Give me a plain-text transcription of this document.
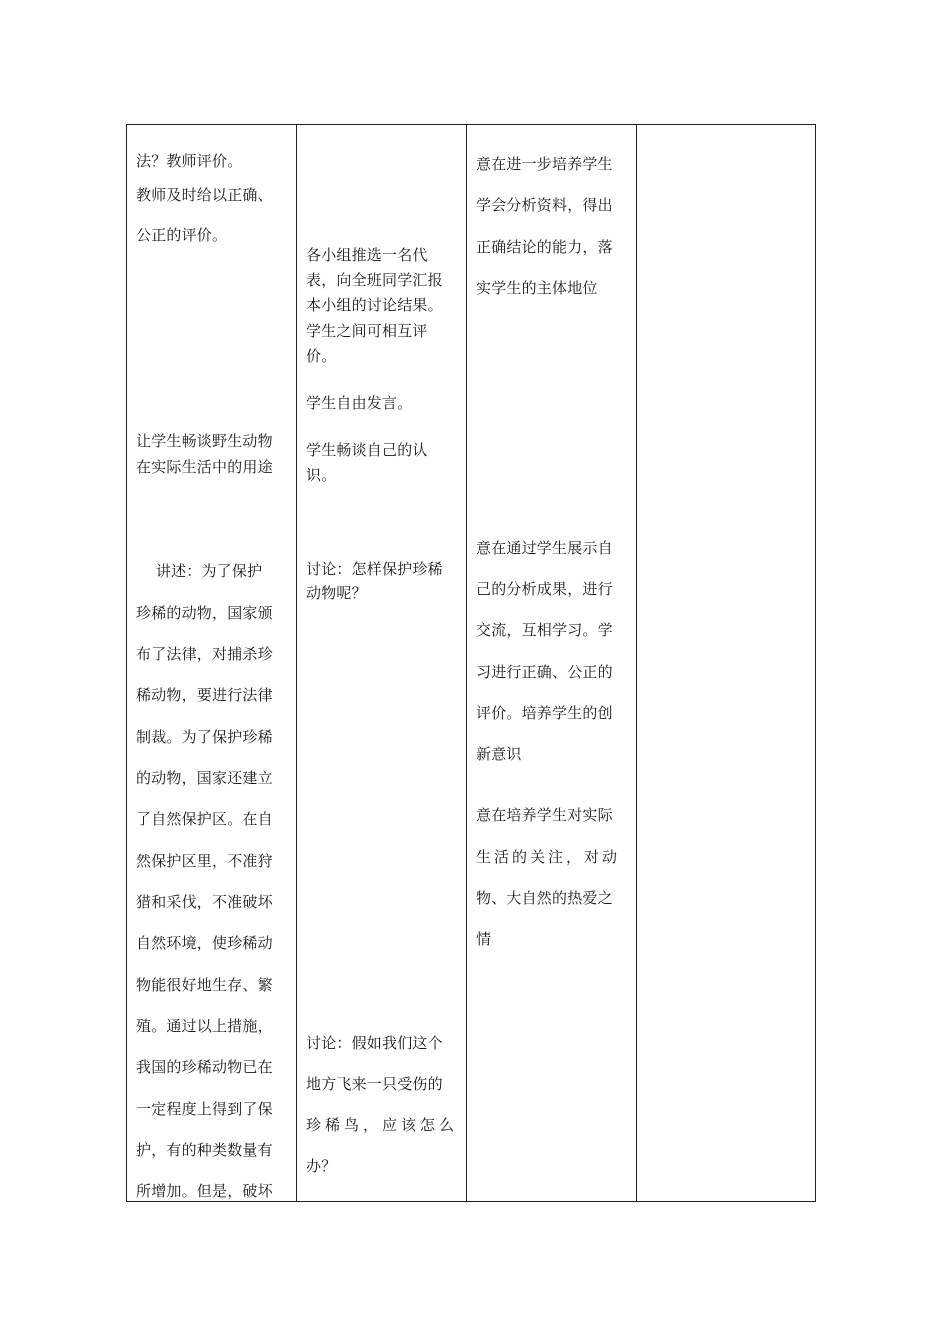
法？教师评价。
教师及时给以正确、
公正的评价。
让学生畅谈野生动物
在实际生活中的用途
讲述：为了保护
珍稀的动物，国家颁
布了法律，对捕杀珍
稀动物，要进行法律
制裁。为了保护珍稀
的动物，国家还建立
了自然保护区。在自
然保护区里，不准狩
猎和采伐，不准破坏
自然环境，使珍稀动
物能很好地生存、繁
殖。通过以上措施，
我国的珍稀动物已在
一定程度上得到了保
护，有的种类数量有
所增加。但是，破坏
各小组推选一名代
表，向全班同学汇报
本小组的讨论结果。
学生之间可相互评
价。
学生自由发言。
学生畅谈自己的认
识。
讨论：怎样保护珍稀
动物呢？
讨论：假如我们这个
地方飞来一只受伤的
珍稀鸟，应该怎么
办？
意在进一步培养学生
学会分析资料，得出
正确结论的能力，落
实学生的主体地位
意在通过学生展示自
己的分析成果，进行
交流，互相学习。学
习进行正确、公正的
评价。培养学生的创
新意识
意在培养学生对实际
生活的关注，对动
物、大自然的热爱之
情
